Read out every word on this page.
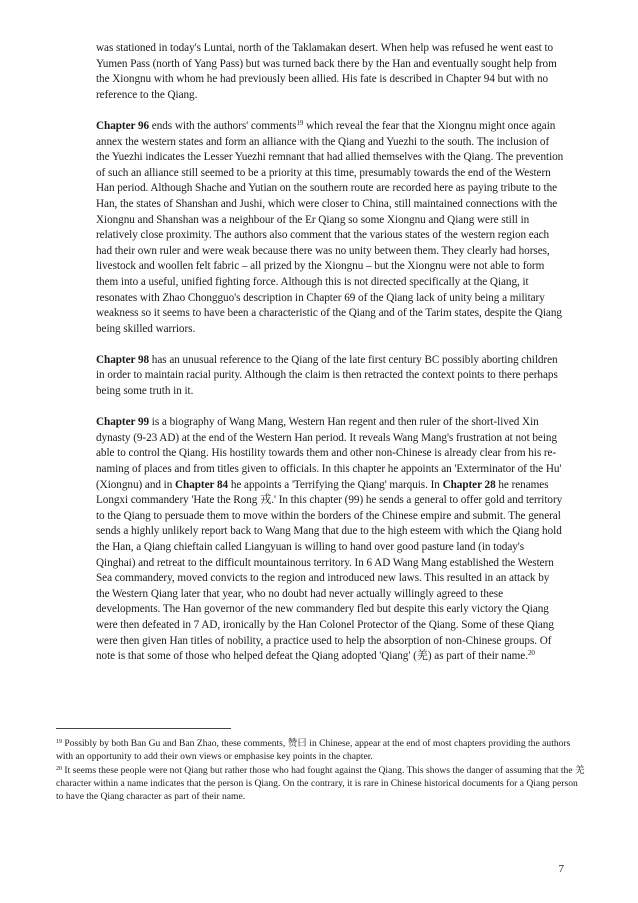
was stationed in today's Luntai, north of the Taklamakan desert. When help was refused he went east to Yumen Pass (north of Yang Pass) but was turned back there by the Han and eventually sought help from the Xiongnu with whom he had previously been allied. His fate is described in Chapter 94 but with no reference to the Qiang.

Chapter 96 ends with the authors' comments$^{19}$ which reveal the fear that the Xiongnu might once again annex the western states and form an alliance with the Qiang and Yuezhi to the south. The inclusion of the Yuezhi indicates the Lesser Yuezhi remnant that had allied themselves with the Qiang. The prevention of such an alliance still seemed to be a priority at this time, presumably towards the end of the Western Han period. Although Shache and Yutian on the southern route are recorded here as paying tribute to the Han, the states of Shanshan and Jushi, which were closer to China, still maintained connections with the Xiongnu and Shanshan was a neighbour of the Er Qiang so some Xiongnu and Qiang were still in relatively close proximity. The authors also comment that the various states of the western region each had their own ruler and were weak because there was no unity between them. They clearly had horses, livestock and woollen felt fabric – all prized by the Xiongnu – but the Xiongnu were not able to form them into a useful, unified fighting force. Although this is not directed specifically at the Qiang, it resonates with Zhao Chongguo's description in Chapter 69 of the Qiang lack of unity being a military weakness so it seems to have been a characteristic of the Qiang and of the Tarim states, despite the Qiang being skilled warriors.

Chapter 98 has an unusual reference to the Qiang of the late first century BC possibly aborting children in order to maintain racial purity. Although the claim is then retracted the context points to there perhaps being some truth in it.

Chapter 99 is a biography of Wang Mang, Western Han regent and then ruler of the short-lived Xin dynasty (9-23 AD) at the end of the Western Han period. It reveals Wang Mang's frustration at not being able to control the Qiang. His hostility towards them and other non-Chinese is already clear from his re-naming of places and from titles given to officials. In this chapter he appoints an 'Exterminator of the Hu' (Xiongnu) and in Chapter 84 he appoints a 'Terrifying the Qiang' marquis. In Chapter 28 he renames Longxi commandery 'Hate the Rong 戎.' In this chapter (99) he sends a general to offer gold and territory to the Qiang to persuade them to move within the borders of the Chinese empire and submit. The general sends a highly unlikely report back to Wang Mang that due to the high esteem with which the Qiang hold the Han, a Qiang chieftain called Liangyuan is willing to hand over good pasture land (in today's Qinghai) and retreat to the difficult mountainous territory. In 6 AD Wang Mang established the Western Sea commandery, moved convicts to the region and introduced new laws. This resulted in an attack by the Western Qiang later that year, who no doubt had never actually willingly agreed to these developments. The Han governor of the new commandery fled but despite this early victory the Qiang were then defeated in 7 AD, ironically by the Han Colonel Protector of the Qiang. Some of these Qiang were then given Han titles of nobility, a practice used to help the absorption of non-Chinese groups. Of note is that some of those who helped defeat the Qiang adopted 'Qiang' (羌) as part of their name.$^{20}$

$^{19}$ Possibly by both Ban Gu and Ban Zhao, these comments, 赞曰 in Chinese, appear at the end of most chapters providing the authors with an opportunity to add their own views or emphasise key points in the chapter.

$^{20}$ It seems these people were not Qiang but rather those who had fought against the Qiang. This shows the danger of assuming that the 羌 character within a name indicates that the person is Qiang. On the contrary, it is rare in Chinese historical documents for a Qiang person to have the Qiang character as part of their name.

7
